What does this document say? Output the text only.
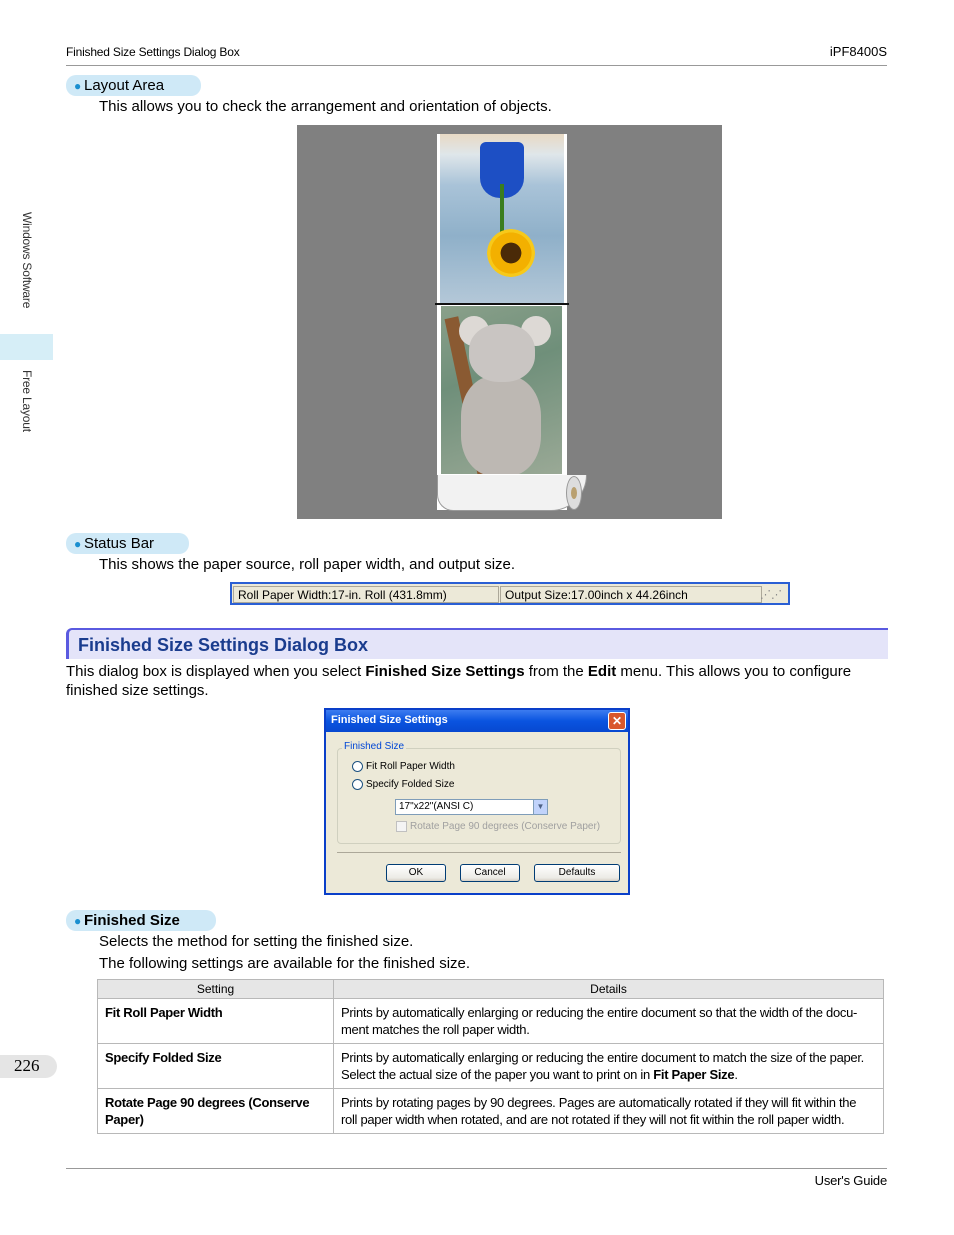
Finished Size Settings Dialog Box	iPF8400S
Windows Software
Free Layout
● Layout Area
This allows you to check the arrangement and orientation of objects.
● Status Bar
This shows the paper source, roll paper width, and output size.
Roll Paper Width:17-in. Roll (431.8mm)	Output Size:17.00inch x 44.26inch	⋰⋰
Finished Size Settings Dialog Box
This dialog box is displayed when you select Finished Size Settings from the Edit menu. This allows you to configure
finished size settings.
Finished Size Settings	✕
Finished Size
Fit Roll Paper Width
Specify Folded Size
17"x22"(ANSI C)	▼
Rotate Page 90 degrees (Conserve Paper)
OK	Cancel	Defaults
● Finished Size
Selects the method for setting the finished size.
The following settings are available for the finished size.
Setting	Details
Fit Roll Paper Width	Prints by automatically enlarging or reducing the entire document so that the width of the docu-
ment matches the roll paper width.
Specify Folded Size	Prints by automatically enlarging or reducing the entire document to match the size of the paper.
Select the actual size of the paper you want to print on in Fit Paper Size.
Rotate Page 90 degrees (Conserve
Paper)	Prints by rotating pages by 90 degrees. Pages are automatically rotated if they will fit within the
roll paper width when rotated, and are not rotated if they will not fit within the roll paper width.
226
User's Guide
